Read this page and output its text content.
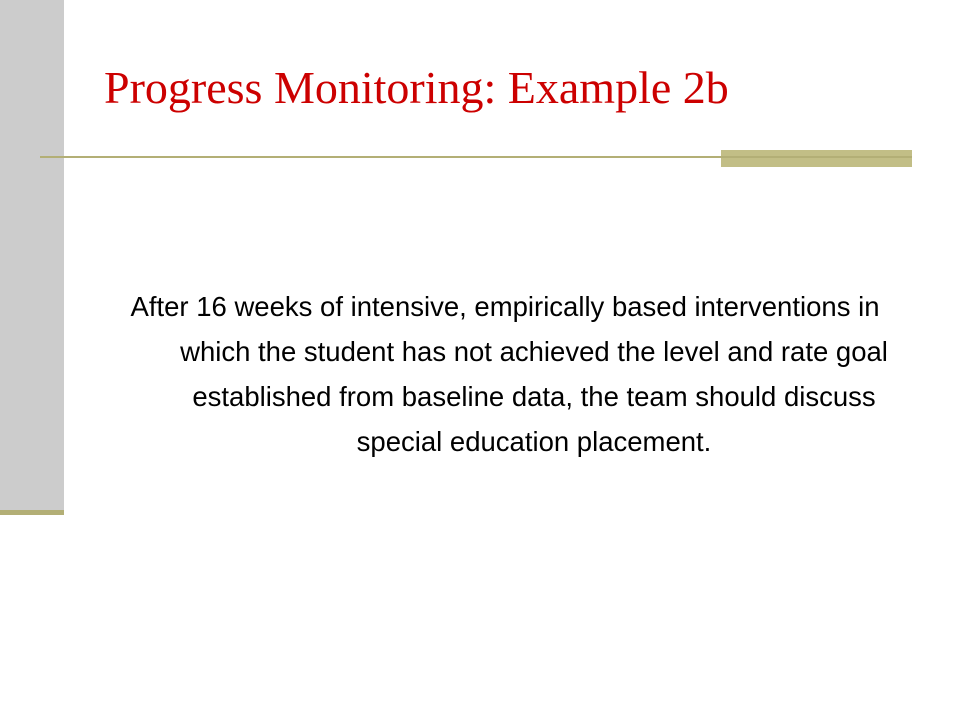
Progress Monitoring: Example 2b

After 16 weeks of intensive, empirically based interventions in which the student has not achieved the level and rate goal established from baseline data, the team should discuss special education placement.
